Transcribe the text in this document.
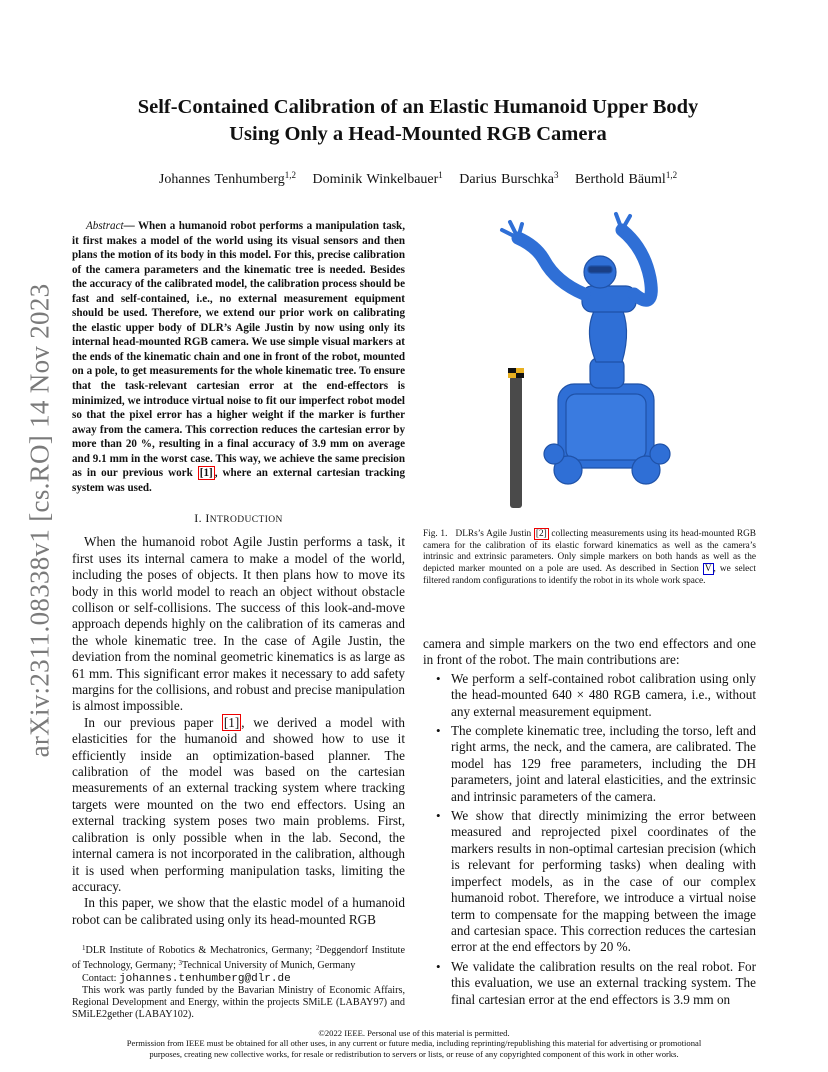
arXiv:2311.08338v1 [cs.RO] 14 Nov 2023
Self-Contained Calibration of an Elastic Humanoid Upper Body
Using Only a Head-Mounted RGB Camera
Johannes Tenhumberg$^{1,2}$ Dominik Winkelbauer$^1$ Darius Burschka$^3$ Berthold Bäuml$^{1,2}$

Abstract— When a humanoid robot performs a manipulation task, it first makes a model of the world using its visual sensors and then plans the motion of its body in this model. For this, precise calibration of the camera parameters and the kinematic tree is needed. Besides the accuracy of the calibrated model, the calibration process should be fast and self-contained, i.e., no external measurement equipment should be used. Therefore, we extend our prior work on calibrating the elastic upper body of DLR’s Agile Justin by now using only its internal head-mounted RGB camera. We use simple visual markers at the ends of the kinematic chain and one in front of the robot, mounted on a pole, to get measurements for the whole kinematic tree. To ensure that the task-relevant cartesian error at the end-effectors is minimized, we introduce virtual noise to fit our imperfect robot model so that the pixel error has a higher weight if the marker is further away from the camera. This correction reduces the cartesian error by more than 20 %, resulting in a final accuracy of 3.9 mm on average and 9.1 mm in the worst case. This way, we achieve the same precision as in our previous work [1] , where an external cartesian tracking system was used.

I. INTRODUCTION

When the humanoid robot Agile Justin performs a task, it first uses its internal camera to make a model of the world, including the poses of objects. It then plans how to move its body in this world model to reach an object without obstacle collison or self-collisions. The success of this look-and-move approach depends highly on the calibration of its cameras and the whole kinematic tree. In the case of Agile Justin, the deviation from the nominal geometric kinematics is as large as 61 mm. This significant error makes it necessary to add safety margins for the collisions, and robust and precise manipulation is almost impossible.

In our previous paper [1] , we derived a model with elasticities for the humanoid and showed how to use it efficiently inside an optimization-based planner. The calibration of the model was based on the cartesian measurements of an external tracking system where tracking targets were mounted on the two end effectors. Using an external tracking system poses two main problems. First, calibration is only possible when in the lab. Second, the internal camera is not incorporated in the calibration, although it is used when performing manipulation tasks, limiting the accuracy.

In this paper, we show that the elastic model of a humanoid robot can be calibrated using only its head-mounted RGB

$^1$DLR Institute of Robotics & Mechatronics, Germany; $^2$Deggendorf Institute of Technology, Germany; $^3$Technical University of Munich, Germany

Contact: johannes.tenhumberg@dlr.de

This work was partly funded by the Bavarian Ministry of Economic Affairs, Regional Development and Energy, within the projects SMiLE (LABAY97) and SMiLE2gether (LABAY102).

Fig. 1. DLRs’s Agile Justin [2] collecting measurements using its head-mounted RGB camera for the calibration of its elastic forward kinematics as well as the camera’s intrinsic and extrinsic parameters. Only simple markers on both hands as well as the depicted marker mounted on a pole are used. As described in Section V , we select filtered random configurations to identify the robot in its whole work space.

camera and simple markers on the two end effectors and one in front of the robot. The main contributions are:

• We perform a self-contained robot calibration using only the head-mounted 640 × 480 RGB camera, i.e., without any external measurement equipment.
• The complete kinematic tree, including the torso, left and right arms, the neck, and the camera, are calibrated. The model has 129 free parameters, including the DH parameters, joint and lateral elasticities, and the extrinsic and intrinsic parameters of the camera.
• We show that directly minimizing the error between measured and reprojected pixel coordinates of the markers results in non-optimal cartesian precision (which is relevant for performing tasks) when dealing with imperfect models, as in the case of our complex humanoid robot. Therefore, we introduce a virtual noise term to compensate for the mapping between the image and cartesian space. This correction reduces the cartesian error at the end effectors by 20 %.
• We validate the calibration results on the real robot. For this evaluation, we use an external tracking system. The final cartesian error at the end effectors is 3.9 mm on
©2022 IEEE. Personal use of this material is permitted.
Permission from IEEE must be obtained for all other uses, in any current or future media, including reprinting/republishing this material for advertising or promotional
purposes, creating new collective works, for resale or redistribution to servers or lists, or reuse of any copyrighted component of this work in other works.
